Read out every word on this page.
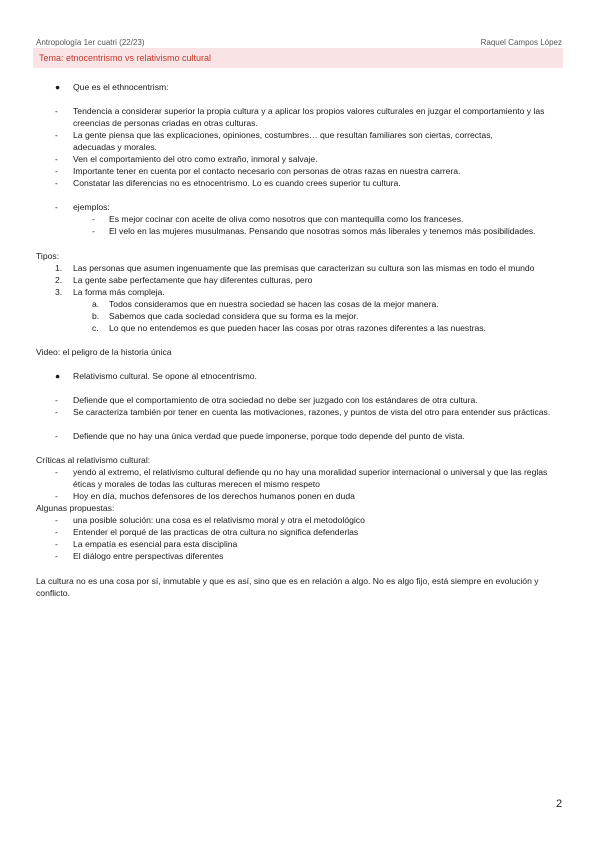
Antropología 1er cuatri (22/23)	Raquel Campos López
Tema: etnocentrismo vs relativismo cultural
● Que es el ethnocentrism:
- Tendencia a considerar superior la propia cultura y a aplicar los propios valores culturales en juzgar el comportamiento y las creencias de personas criadas en otras culturas.
- La gente piensa que las explicaciones, opiniones, costumbres… que resultan familiares son ciertas, correctas, adecuadas y morales.
- Ven el comportamiento del otro como extraño, inmoral y salvaje.
- Importante tener en cuenta por el contacto necesario con personas de otras razas en nuestra carrera.
- Constatar las diferencias no es etnocentrismo. Lo es cuando crees superior tu cultura.
- ejemplos:
- Es mejor cocinar con aceite de oliva como nosotros que con mantequilla como los franceses.
- El velo en las mujeres musulmanas. Pensando que nosotras somos más liberales y tenemos más posibilidades.
Tipos:
1. Las personas que asumen ingenuamente que las premisas que caracterizan su cultura son las mismas en todo el mundo
2. La gente sabe perfectamente que hay diferentes culturas, pero
3. La forma más compleja.
a. Todos consideramos que en nuestra sociedad se hacen las cosas de la mejor manera.
b. Sabemos que cada sociedad considera que su forma es la mejor.
c. Lo que no entendemos es que pueden hacer las cosas por otras razones diferentes a las nuestras.
Video: el peligro de la historia única
● Relativismo cultural. Se opone al etnocentrismo.
- Defiende que el comportamiento de otra sociedad no debe ser juzgado con los estándares de otra cultura.
- Se caracteriza también por tener en cuenta las motivaciones, razones, y puntos de vista del otro para entender sus prácticas.
- Defiende que no hay una única verdad que puede imponerse, porque todo depende del punto de vista.
Críticas al relativismo cultural:
- yendo al extremo, el relativismo cultural defiende qu no hay una moralidad superior internacional o universal y que las reglas éticas y morales de todas las culturas merecen el mismo respeto
- Hoy en día, muchos defensores de los derechos humanos ponen en duda
Algunas propuestas:
- una posible solución: una cosa es el relativismo moral y otra el metodológico
- Entender el porqué de las practicas de otra cultura no significa defenderlas
- La empatía es esencial para esta disciplina
- El diálogo entre perspectivas diferentes
La cultura no es una cosa por sí, inmutable y que es así, sino que es en relación a algo. No es algo fijo, está siempre en evolución y conflicto.
2
